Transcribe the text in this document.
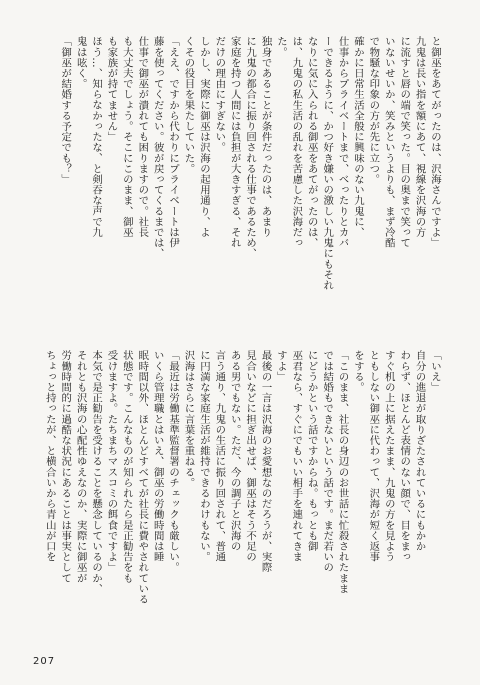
と御巫をあてがったのは、沢海さんですよ」
九鬼は長い指を額にあて、視線を沢海の方
に流すと唇の端で笑った。目の奥まで笑って
いないせいか、笑みというよりも、まず冷酷
で物騒な印象の方が先に立つ。
確かに日常生活全般に興味のない九鬼に、
仕事からプライベートまで、べったりとカバ
ーできるように、かつ好き嫌いの激しい九鬼にもそれ
なりに気に入られる御巫をあてがったのは、
は、九鬼の私生活の乱れを苦慮した沢海だっ
た。
独身であることが条件だったのは、あまり
に九鬼の都合に振り回される仕事であるため、
家庭を持つ人間には負担が大きすぎる、それ
だけの理由にすぎない。
しかし、実際に御巫は沢海の起用通り、よ
くその役目を果たしていた。
「ええ、ですから代わりにプライベートは伊
藤を使ってください。彼が戻ってくるまでは、
仕事で御巫が潰れても困りますので。社長
も大丈夫でしょう。そこにこのまま、御巫
も家族が持てません」
ほう…、知らなかったな、と剣吞な声で九
鬼は呟く。
「御巫が結婚する予定でも？」
「いえ」
自分の進退が取りざたされているにもかか
わらず、ほとんど表情のない顔で、目をまっ
すぐ机の上に据えたまま、九鬼の方を見よう
ともしない御巫に代わって、沢海が短く返事
をする。
「このまま、社長の身辺のお世話に忙殺されたまま
では結婚もできないという話です。まだ若いの
にどうかという話ですからね。もっとも御
巫君なら、すぐにでもいい相手を連れてきま
すよ」
最後の一言は沢海のお愛想なのだろうが、実際
見合いなどに担ぎ出せば、御巫はそう不足の
ある男でもない。ただ、今の調子と沢海の
言う通り、九鬼の生活に振り回されて、普通
に円満な家庭生活が維持できるわけもない。
沢海はさらに言葉を重ねる。
「最近は労働基準監督署のチェックも厳しい。
いくら管理職とはいえ、御巫の労働時間は睡
眠時間以外、ほとんどすべてが社長に費やされている
状態です。こんなものが知られたら是正勧告をも
受けますよ。たちまちマスコミの餌食ですよ」
本気で是正勧告を受けることを懸念しているのか、
それとも沢海の心配性ゆえなのか、実際に御巫が
労働時間的に過酷な状況にあることは事実として
ちょっと持ったが、と横合いから青山が口を
207
